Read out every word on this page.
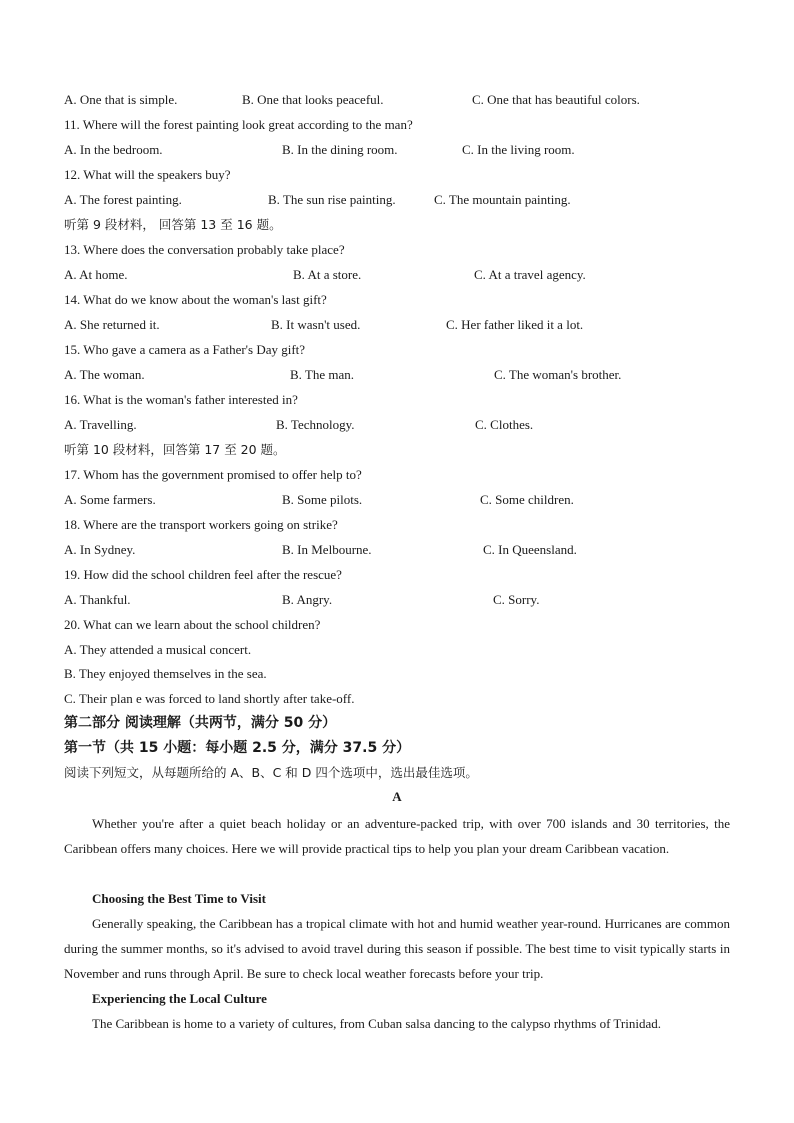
A. One that is simple.	B. One that looks peaceful.	C. One that has beautiful colors.
11. Where will the forest painting look great according to the man?
A. In the bedroom.	B. In the dining room.	C. In the living room.
12. What will the speakers buy?
A. The forest painting.	B. The sun rise painting.	C. The mountain painting.
听第 9 段材料， 回答第 13 至 16 题。
13. Where does the conversation probably take place?
A. At home.	B. At a store.	C. At a travel agency.
14. What do we know about the woman's last gift?
A. She returned it.	B. It wasn't used.	C. Her father liked it a lot.
15. Who gave a camera as a Father's Day gift?
A. The woman.	B. The man.	C. The woman's brother.
16. What is the woman's father interested in?
A. Travelling.	B. Technology.	C. Clothes.
听第 10 段材料，回答第 17 至 20 题。
17. Whom has the government promised to offer help to?
A. Some farmers.	B. Some pilots.	C. Some children.
18. Where are the transport workers going on strike?
A. In Sydney.	B. In Melbourne.	C. In Queensland.
19. How did the school children feel after the rescue?
A. Thankful.	B. Angry.	C. Sorry.
20. What can we learn about the school children?
A. They attended a musical concert.
B. They enjoyed themselves in the sea.
C. Their plan e was forced to land shortly after take-off.
第二部分 阅读理解（共两节，满分 50 分）
第一节（共 15 小题：每小题 2.5 分，满分 37.5 分）
阅读下列短文，从每题所给的 A、B、C 和 D 四个选项中，选出最佳选项。
A
Whether you're after a quiet beach holiday or an adventure-packed trip, with over 700 islands and 30 territories, the Caribbean offers many choices. Here we will provide practical tips to help you plan your dream Caribbean vacation.
Choosing the Best Time to Visit
Generally speaking, the Caribbean has a tropical climate with hot and humid weather year-round. Hurricanes are common during the summer months, so it's advised to avoid travel during this season if possible. The best time to visit typically starts in November and runs through April. Be sure to check local weather forecasts before your trip.
Experiencing the Local Culture
The Caribbean is home to a variety of cultures, from Cuban salsa dancing to the calypso rhythms of Trinidad.
